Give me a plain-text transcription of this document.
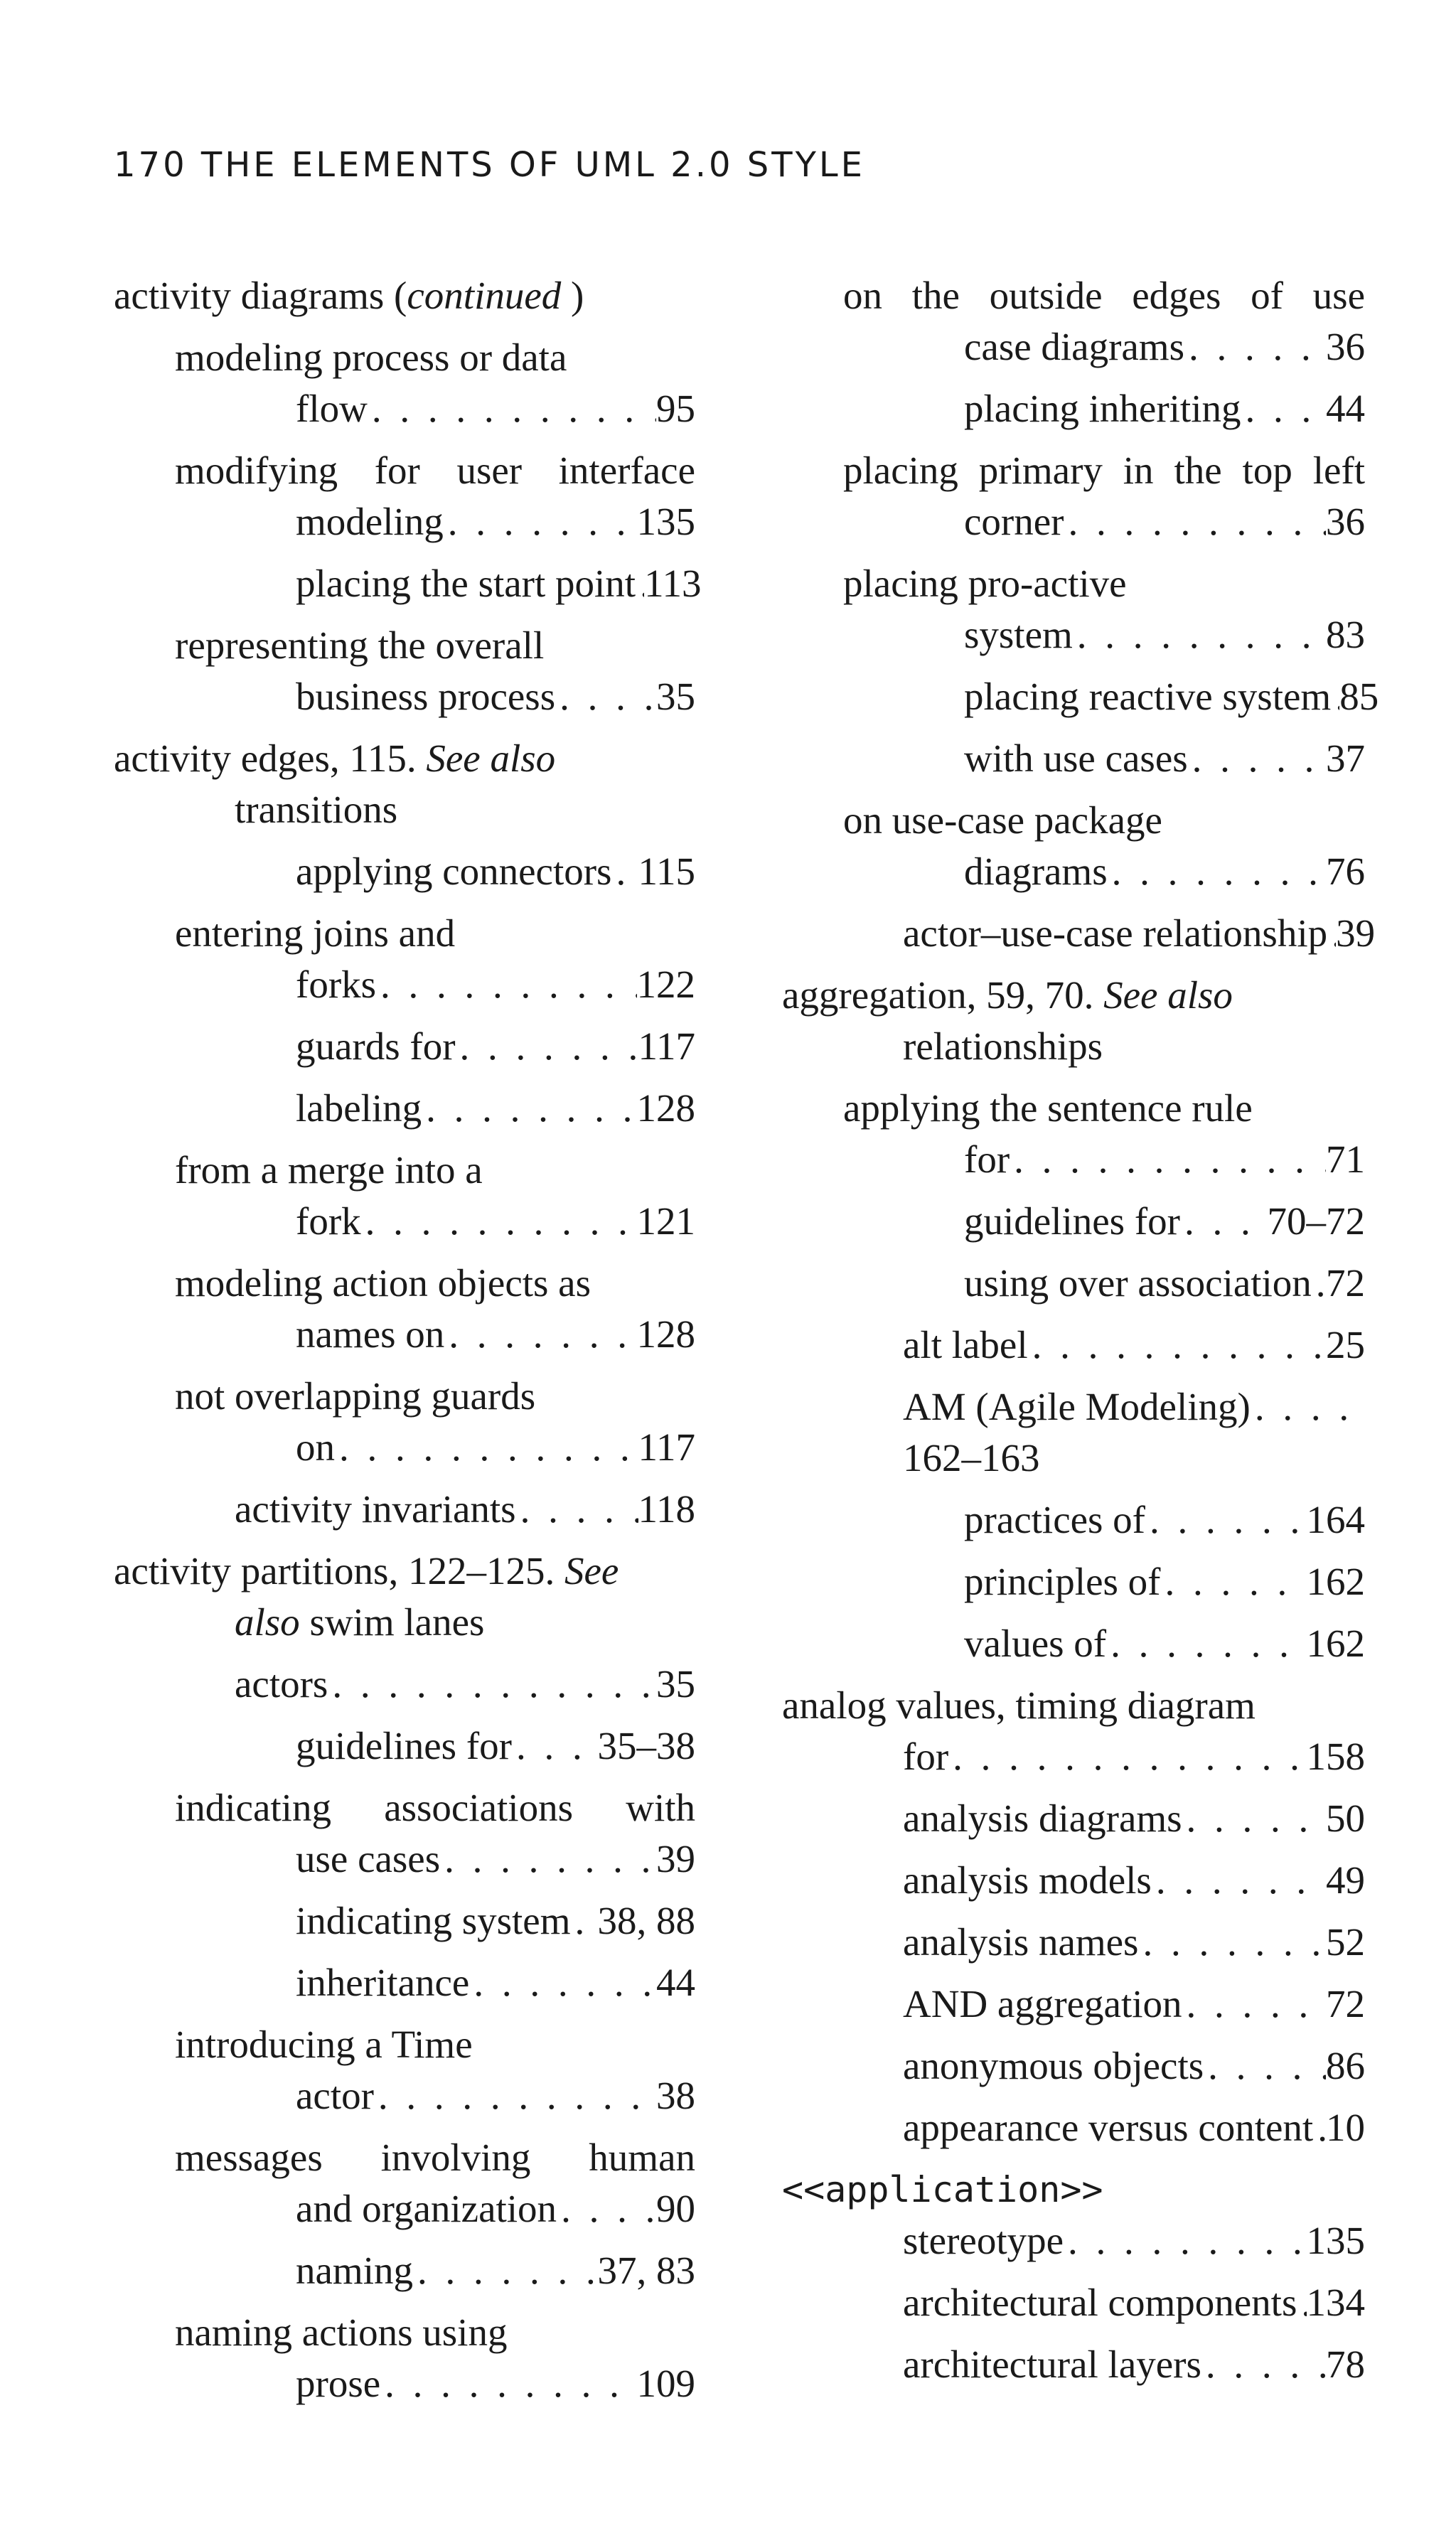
170 THE ELEMENTS OF UML 2.0 STYLE
activity diagrams (continued )
modeling process or data
flow . . .	95
modifying for user interface
modeling . . .	135
placing the start point . . . 113
representing the overall
business process . . .	35
activity edges, 115. See also
transitions
applying connectors . . . 115
entering joins and
forks . . .	122
guards for . . .	117
labeling . . .	128
from a merge into a
fork . . .	121
modeling action objects as
names on . . .	128
not overlapping guards
on . . .	117
activity invariants . . .	118
activity partitions, 122–125. See
also swim lanes
actors . . .	35
guidelines for . . . 35–38
indicating associations with
use cases . . .	39
indicating system . . . 38, 88
inheritance . . .	44
introducing a Time
actor . . .	38
messages involving human
and organization . . .	90
naming . . .	37, 83
naming actions using
prose . . .	109
on the outside edges of use
case diagrams . . .	36
placing inheriting . . . 44
placing primary in the top left
corner . . .	36
placing pro-active
system . . .	83
placing reactive system . . . 85
with use cases . . .	37
on use-case package
diagrams . . .	76
actor–use-case relationship . . . 39
aggregation, 59, 70. See also
relationships
applying the sentence rule
for . . .	71
guidelines for . . . 70–72
using over association . . . 72
alt label . . .	25
AM (Agile Modeling)
. . .
162–163
practices of . . .	164
principles of . . .	162
values of . . .	162
analog values, timing diagram
for . . .	158
analysis diagrams . . .	50
analysis models . . .	49
analysis names . . .	52
AND aggregation . . .	72
anonymous objects . . .	86
appearance versus content . . . 10
<<application>>
stereotype . . .	135
architectural components . . . 134
architectural layers . . .	78
